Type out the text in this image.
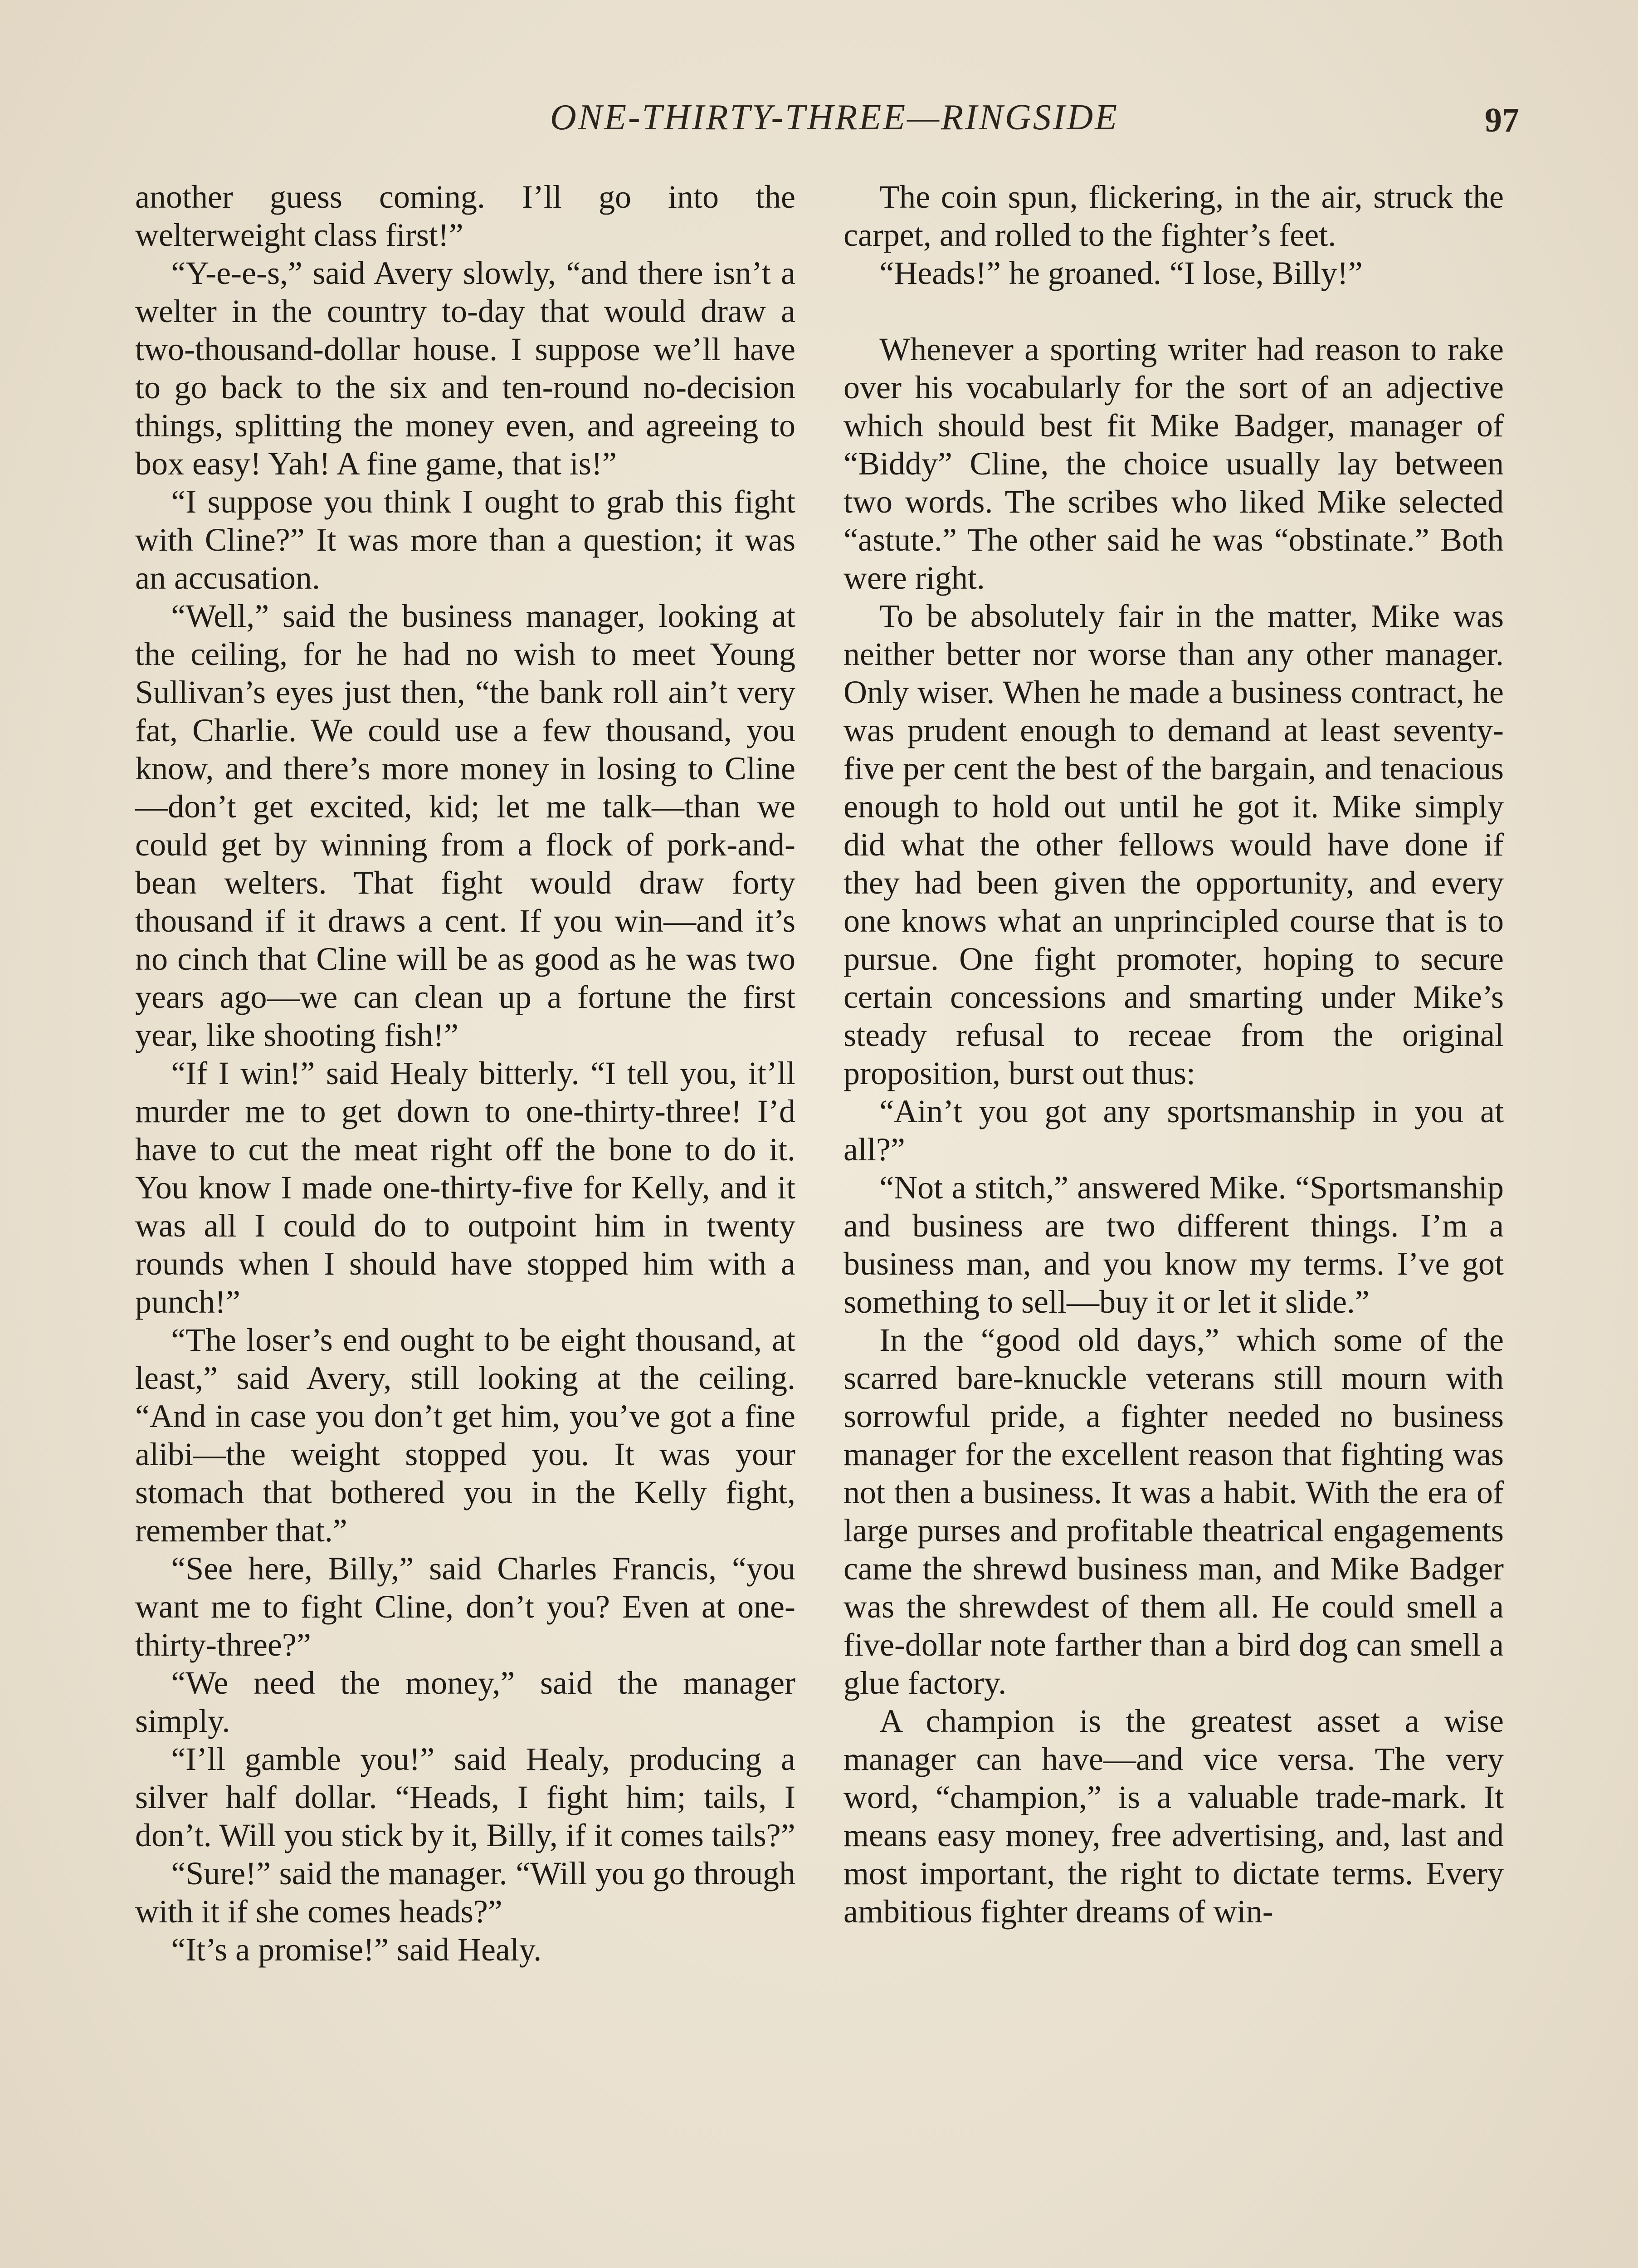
ONE-THIRTY-THREE—RINGSIDE	97

another guess coming. I’ll go into the welterweight class first!”

“Y-e-e-s,” said Avery slowly, “and there isn’t a welter in the country to-day that would draw a two-thousand-dollar house. I suppose we’ll have to go back to the six and ten-round no-decision things, splitting the money even, and agreeing to box easy! Yah! A fine game, that is!”

“I suppose you think I ought to grab this fight with Cline?” It was more than a question; it was an accusation.

“Well,” said the business manager, looking at the ceiling, for he had no wish to meet Young Sullivan’s eyes just then, “the bank roll ain’t very fat, Charlie. We could use a few thousand, you know, and there’s more money in losing to Cline—don’t get excited, kid; let me talk—than we could get by winning from a flock of pork-and-bean welters. That fight would draw forty thousand if it draws a cent. If you win—and it’s no cinch that Cline will be as good as he was two years ago—we can clean up a fortune the first year, like shooting fish!”

“If I win!” said Healy bitterly. “I tell you, it’ll murder me to get down to one-thirty-three! I’d have to cut the meat right off the bone to do it. You know I made one-thirty-five for Kelly, and it was all I could do to outpoint him in twenty rounds when I should have stopped him with a punch!”

“The loser’s end ought to be eight thousand, at least,” said Avery, still looking at the ceiling. “And in case you don’t get him, you’ve got a fine alibi—the weight stopped you. It was your stomach that bothered you in the Kelly fight, remember that.”

“See here, Billy,” said Charles Francis, “you want me to fight Cline, don’t you? Even at one-thirty-three?”

“We need the money,” said the manager simply.

“I’ll gamble you!” said Healy, producing a silver half dollar. “Heads, I fight him; tails, I don’t. Will you stick by it, Billy, if it comes tails?”

“Sure!” said the manager. “Will you go through with it if she comes heads?”

“It’s a promise!” said Healy.

The coin spun, flickering, in the air, struck the carpet, and rolled to the fighter’s feet.

“Heads!” he groaned. “I lose, Billy!”

Whenever a sporting writer had reason to rake over his vocabularly for the sort of an adjective which should best fit Mike Badger, manager of “Biddy” Cline, the choice usually lay between two words. The scribes who liked Mike selected “astute.” The other said he was “obstinate.” Both were right.

To be absolutely fair in the matter, Mike was neither better nor worse than any other manager. Only wiser. When he made a business contract, he was prudent enough to demand at least seventy-five per cent the best of the bargain, and tenacious enough to hold out until he got it. Mike simply did what the other fellows would have done if they had been given the opportunity, and every one knows what an unprincipled course that is to pursue. One fight promoter, hoping to secure certain concessions and smarting under Mike’s steady refusal to receae from the original proposition, burst out thus:

“Ain’t you got any sportsmanship in you at all?”

“Not a stitch,” answered Mike. “Sportsmanship and business are two different things. I’m a business man, and you know my terms. I’ve got something to sell—buy it or let it slide.”

In the “good old days,” which some of the scarred bare-knuckle veterans still mourn with sorrowful pride, a fighter needed no business manager for the excellent reason that fighting was not then a business. It was a habit. With the era of large purses and profitable theatrical engagements came the shrewd business man, and Mike Badger was the shrewdest of them all. He could smell a five-dollar note farther than a bird dog can smell a glue factory.

A champion is the greatest asset a wise manager can have—and vice versa. The very word, “champion,” is a valuable trade-mark. It means easy money, free advertising, and, last and most important, the right to dictate terms. Every ambitious fighter dreams of win-
